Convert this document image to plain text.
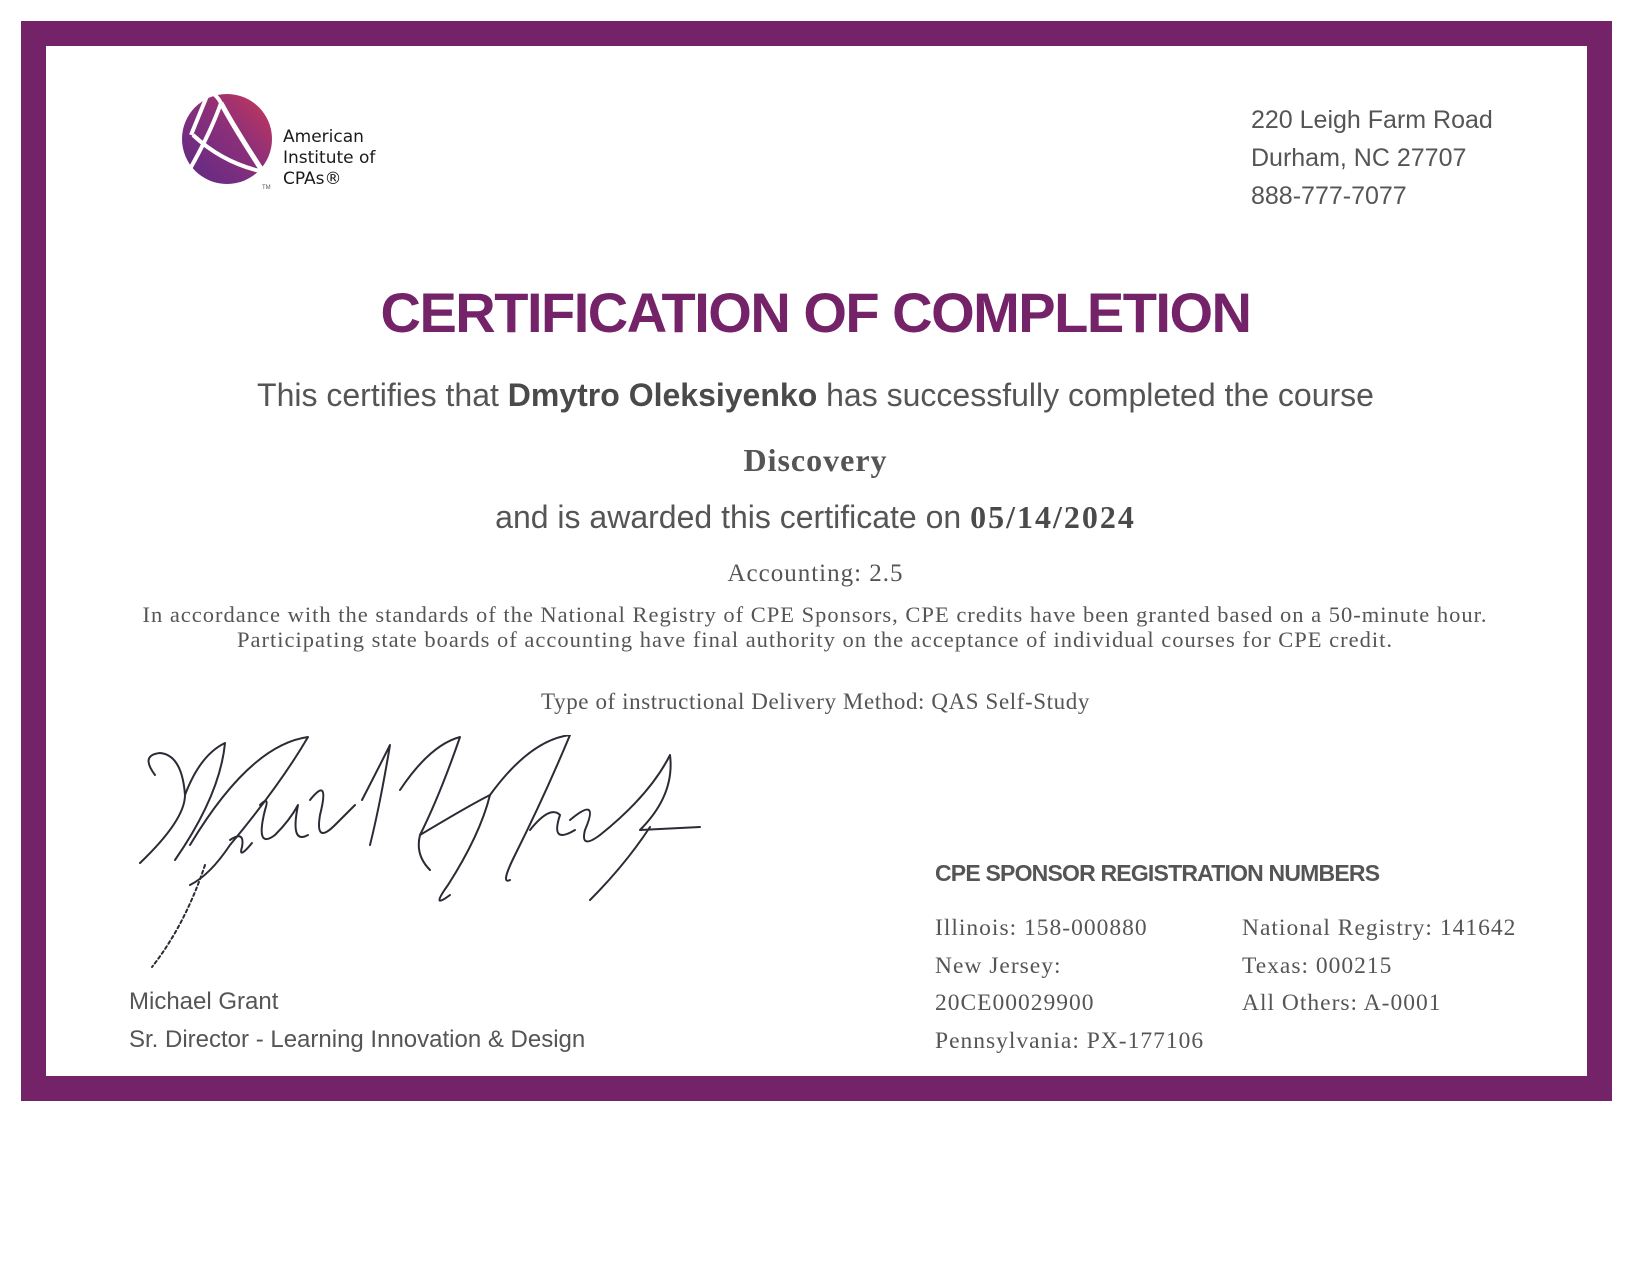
TM
American
Institute of
CPAs®
220 Leigh Farm Road
Durham, NC 27707
888-777-7077
CERTIFICATION OF COMPLETION
This certifies that Dmytro Oleksiyenko has successfully completed the course
Discovery
and is awarded this certificate on 05/14/2024
Accounting: 2.5
In accordance with the standards of the National Registry of CPE Sponsors, CPE credits have been granted based on a 50-minute hour. Participating state boards of accounting have final authority on the acceptance of individual courses for CPE credit.
Type of instructional Delivery Method: QAS Self-Study
Michael Grant
Sr. Director - Learning Innovation & Design
CPE SPONSOR REGISTRATION NUMBERS
Illinois: 158-000880
New Jersey:
20CE00029900
Pennsylvania: PX-177106
National Registry: 141642
Texas: 000215
All Others: A-0001
